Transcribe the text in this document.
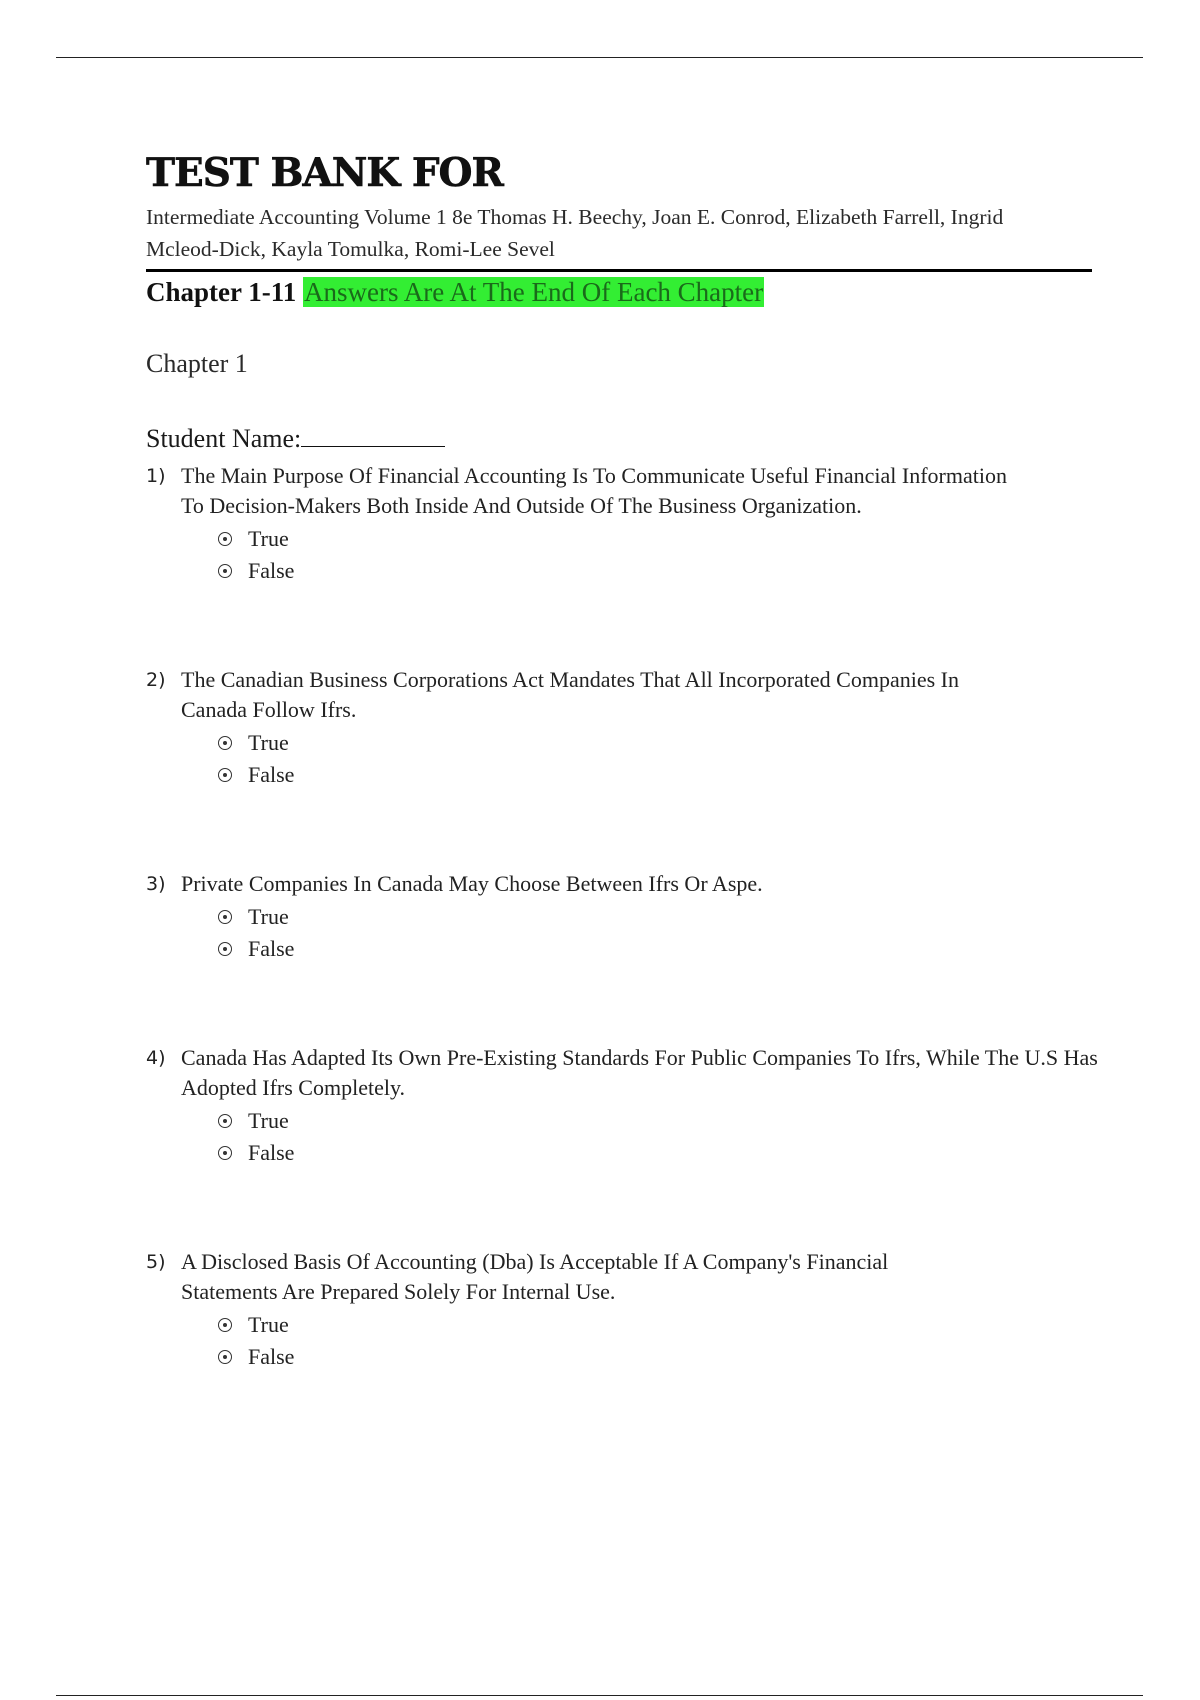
TEST BANK FOR

Intermediate Accounting Volume 1 8e Thomas H. Beechy, Joan E. Conrod, Elizabeth Farrell, Ingrid Mcleod-Dick, Kayla Tomulka, Romi-Lee Sevel

Chapter 1-11 Answers Are At The End Of Each Chapter
Chapter 1
Student Name:
1) The Main Purpose Of Financial Accounting Is To Communicate Useful Financial Information To Decision-Makers Both Inside And Outside Of The Business Organization.
True
False
2) The Canadian Business Corporations Act Mandates That All Incorporated Companies In Canada Follow Ifrs.
True
False
3) Private Companies In Canada May Choose Between Ifrs Or Aspe.
True
False
4) Canada Has Adapted Its Own Pre-Existing Standards For Public Companies To Ifrs, While The U.S Has Adopted Ifrs Completely.
True
False
5) A Disclosed Basis Of Accounting (Dba) Is Acceptable If A Company's Financial Statements Are Prepared Solely For Internal Use.
True
False
